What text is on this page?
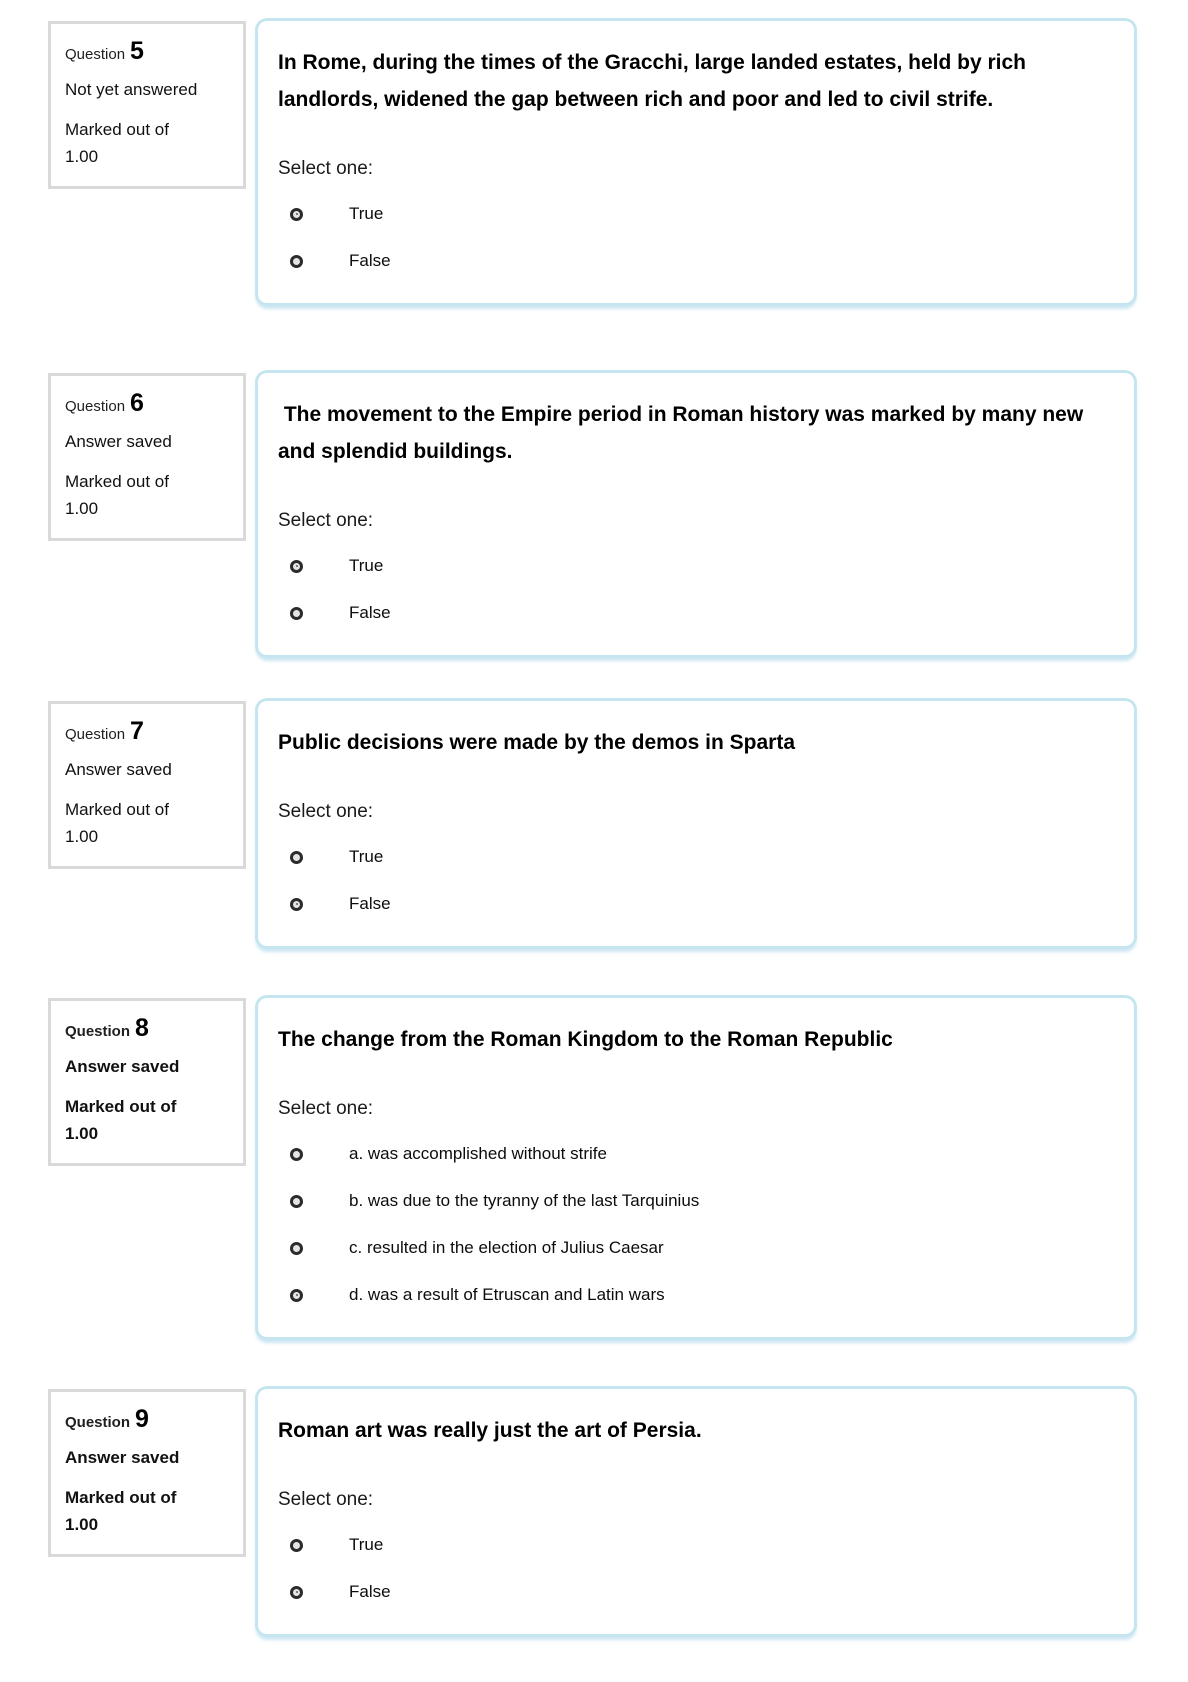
Question 5
Not yet answered
Marked out of 1.00
In Rome, during the times of the Gracchi, large landed estates, held by rich landlords, widened the gap between rich and poor and led to civil strife.
Select one:
True
False
Question 6
Answer saved
Marked out of 1.00
The movement to the Empire period in Roman history was marked by many new and splendid buildings.
Select one:
True
False
Question 7
Answer saved
Marked out of 1.00
Public decisions were made by the demos in Sparta
Select one:
True
False
Question 8
Answer saved
Marked out of 1.00
The change from the Roman Kingdom to the Roman Republic
Select one:
a. was accomplished without strife
b. was due to the tyranny of the last Tarquinius
c. resulted in the election of Julius Caesar
d. was a result of Etruscan and Latin wars
Question 9
Answer saved
Marked out of 1.00
Roman art was really just the art of Persia.
Select one:
True
False
